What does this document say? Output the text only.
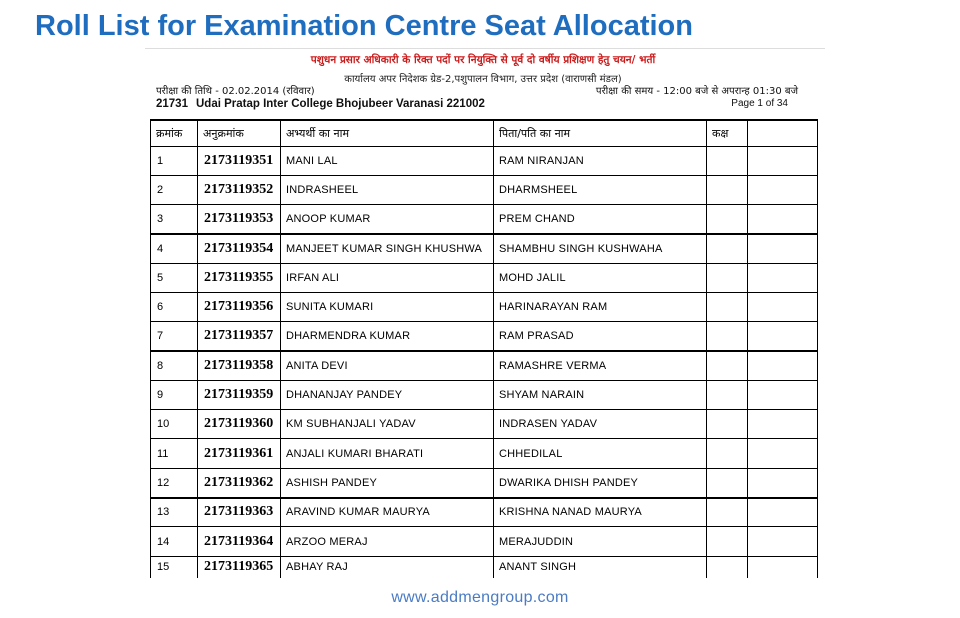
Roll List for Examination Centre Seat Allocation
पशुधन प्रसार अधिकारी के रिक्त पदों पर नियुक्ति से पूर्व दो वर्षीय प्रशिक्षण हेतु चयन/ भर्ती
कार्यालय अपर निदेशक ग्रेड-2,पशुपालन विभाग, उत्तर प्रदेश (वाराणसी मंडल)
परीक्षा की तिथि - 02.02.2014 (रविवार)	परीक्षा की समय - 12:00 बजे से अपरान्ह 01:30 बजे
21731 Udai Pratap Inter College Bhojubeer Varanasi 221002	Page 1 of 34
क्रमांक	अनुक्रमांक	अभ्यर्थी का नाम	पिता/पति का नाम	कक्ष	
1	2173119351	MANI LAL	RAM NIRANJAN		
2	2173119352	INDRASHEEL	DHARMSHEEL		
3	2173119353	ANOOP KUMAR	PREM CHAND		
4	2173119354	MANJEET KUMAR SINGH KHUSHWA	SHAMBHU SINGH KUSHWAHA		
5	2173119355	IRFAN ALI	MOHD JALIL		
6	2173119356	SUNITA KUMARI	HARINARAYAN RAM		
7	2173119357	DHARMENDRA KUMAR	RAM PRASAD		
8	2173119358	ANITA DEVI	RAMASHRE VERMA		
9	2173119359	DHANANJAY PANDEY	SHYAM NARAIN		
10	2173119360	KM SUBHANJALI YADAV	INDRASEN YADAV		
11	2173119361	ANJALI KUMARI BHARATI	CHHEDILAL		
12	2173119362	ASHISH PANDEY	DWARIKA DHISH PANDEY		
13	2173119363	ARAVIND KUMAR MAURYA	KRISHNA NANAD MAURYA		
14	2173119364	ARZOO MERAJ	MERAJUDDIN		
15	2173119365	ABHAY RAJ	ANANT SINGH		
www.addmengroup.com
